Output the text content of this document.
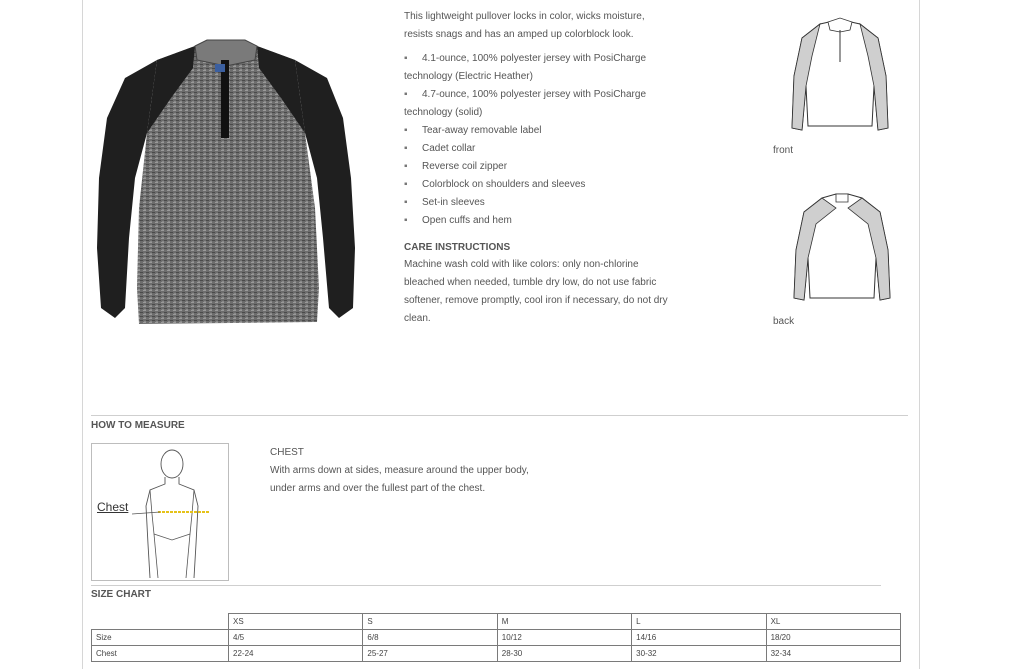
This lightweight pullover locks in color, wicks moisture, resists snags and has an amped up colorblock look.

▪ 4.1-ounce, 100% polyester jersey with PosiCharge technology (Electric Heather)
▪ 4.7-ounce, 100% polyester jersey with PosiCharge technology (solid)
▪ Tear-away removable label
▪ Cadet collar
▪ Reverse coil zipper
▪ Colorblock on shoulders and sleeves
▪ Set-in sleeves
▪ Open cuffs and hem
CARE INSTRUCTIONS

Machine wash cold with like colors: only non-chlorine bleached when needed, tumble dry low, do not use fabric softener, remove promptly, cool iron if necessary, do not dry clean.

front
back
HOW TO MEASURE
Chest
CHEST
With arms down at sides, measure around the upper body,
under arms and over the fullest part of the chest.
SIZE CHART
	XS	S	M	L	XL
Size	4/5	6/8	10/12	14/16	18/20
Chest	22-24	25-27	28-30	30-32	32-34
